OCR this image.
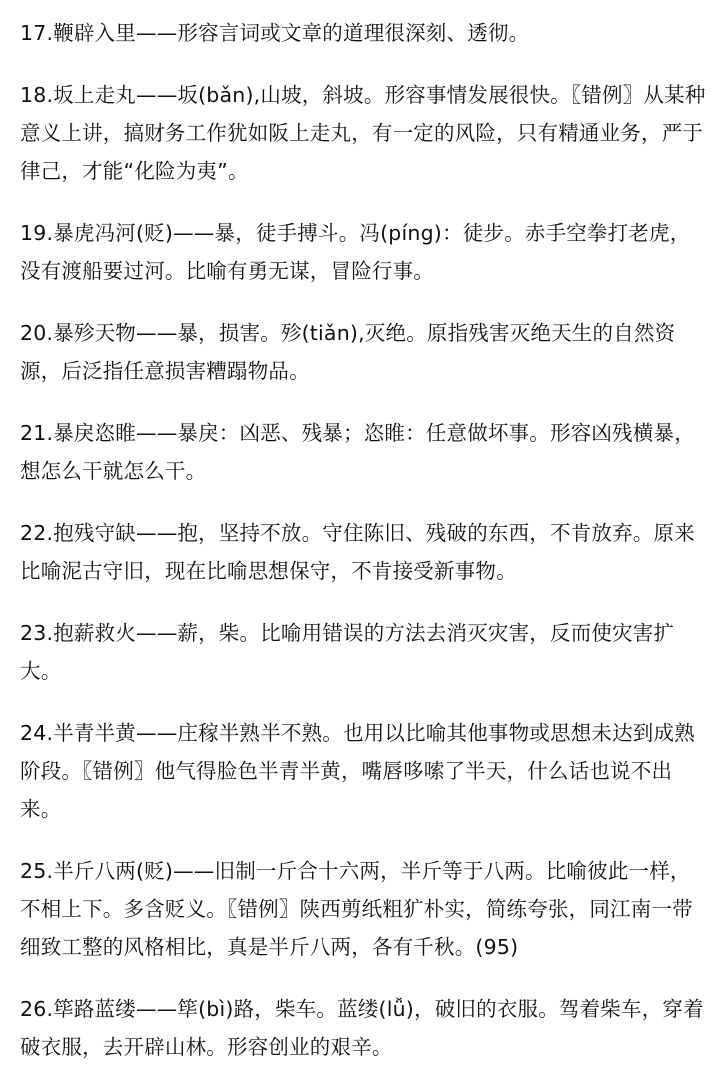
17.鞭辟入里——形容言词或文章的道理很深刻、透彻。

18.坂上走丸——坂(bǎn),山坡，斜坡。形容事情发展很快。〖错例〗从某种意义上讲，搞财务工作犹如阪上走丸，有一定的风险，只有精通业务，严于律己，才能“化险为夷”。

19.暴虎冯河(贬)——暴，徒手搏斗。冯(píng)：徒步。赤手空拳打老虎，没有渡船要过河。比喻有勇无谋，冒险行事。

20.暴殄天物——暴，损害。殄(tiǎn),灭绝。原指残害灭绝天生的自然资源，后泛指任意损害糟蹋物品。

21.暴戾恣睢——暴戾：凶恶、残暴；恣睢：任意做坏事。形容凶残横暴，想怎么干就怎么干。

22.抱残守缺——抱，坚持不放。守住陈旧、残破的东西，不肯放弃。原来比喻泥古守旧，现在比喻思想保守，不肯接受新事物。

23.抱薪救火——薪，柴。比喻用错误的方法去消灭灾害，反而使灾害扩大。

24.半青半黄——庄稼半熟半不熟。也用以比喻其他事物或思想未达到成熟阶段。〖错例〗他气得脸色半青半黄，嘴唇哆嗦了半天，什么话也说不出来。

25.半斤八两(贬)——旧制一斤合十六两，半斤等于八两。比喻彼此一样，不相上下。多含贬义。〖错例〗陕西剪纸粗犷朴实，简练夸张，同江南一带细致工整的风格相比，真是半斤八两，各有千秋。(95)

26.筚路蓝缕——筚(bì)路，柴车。蓝缕(lǚ)，破旧的衣服。驾着柴车，穿着破衣服，去开辟山林。形容创业的艰辛。
